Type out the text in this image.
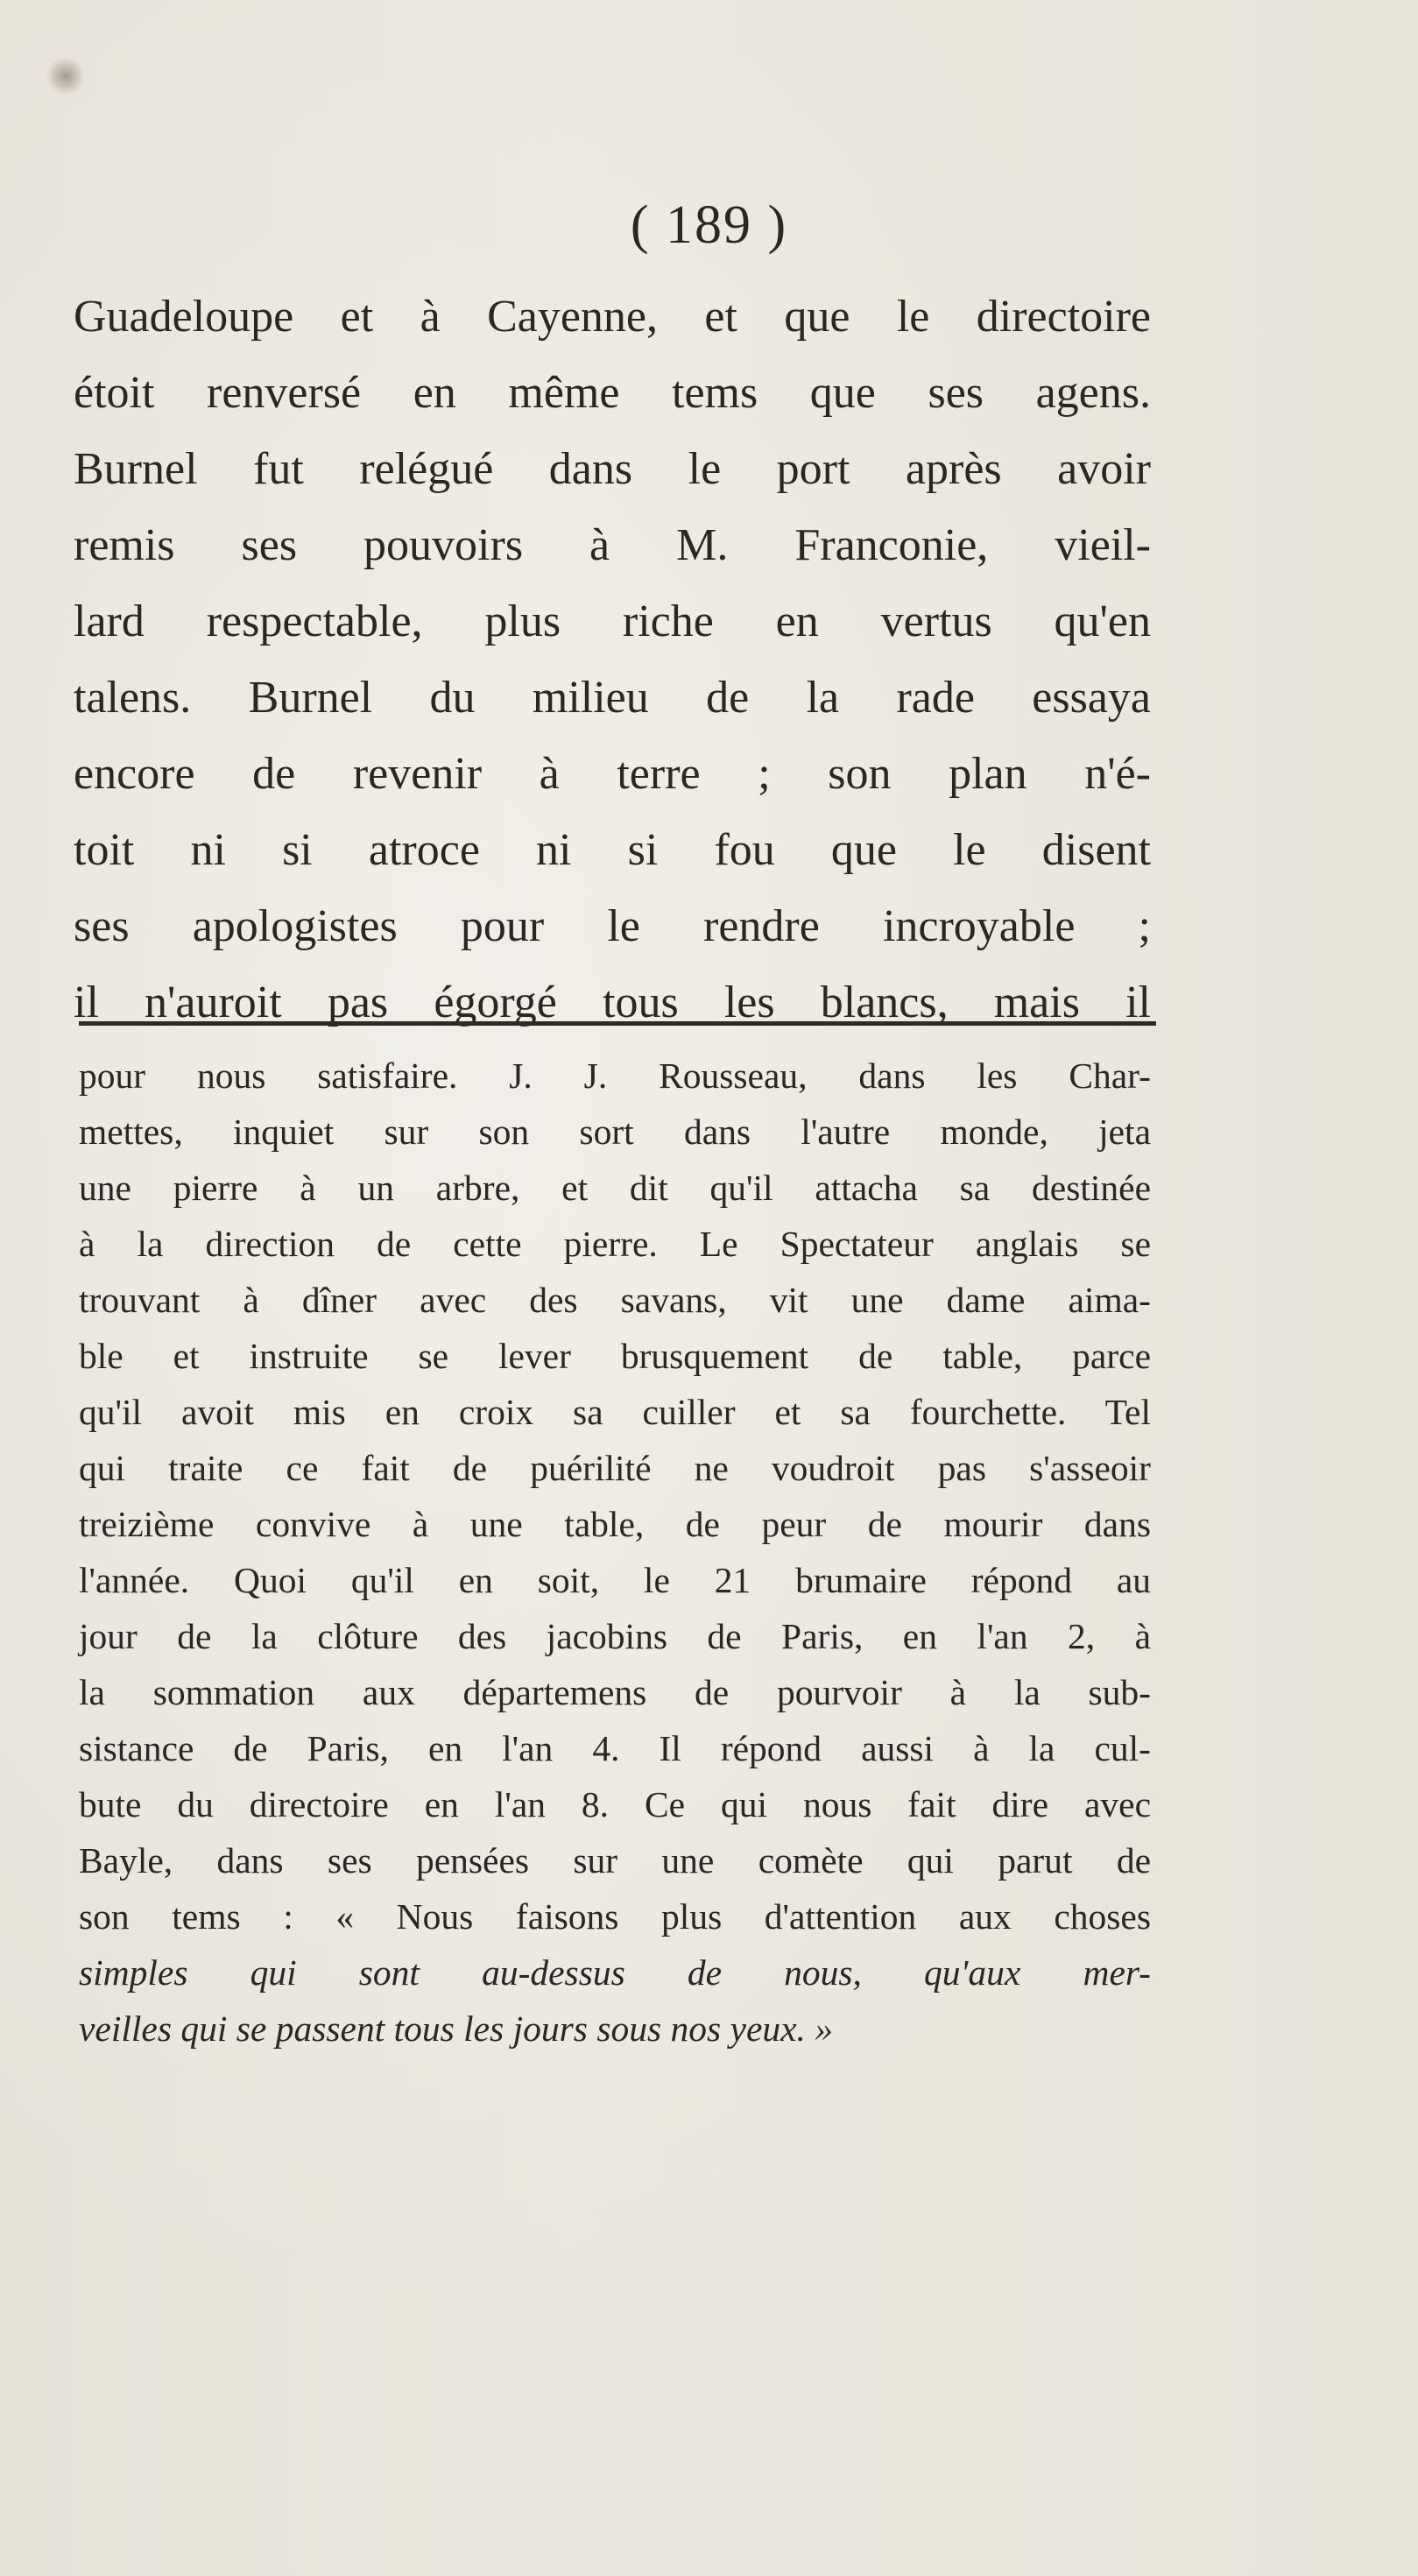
( 189 )
Guadeloupe et à Cayenne, et que le directoire
étoit renversé en même tems que ses agens.
Burnel fut relégué dans le port après avoir
remis ses pouvoirs à M. Franconie, vieil-
lard respectable, plus riche en vertus qu'en
talens. Burnel du milieu de la rade essaya
encore de revenir à terre ; son plan n'é-
toit ni si atroce ni si fou que le disent
ses apologistes pour le rendre incroyable ;
il n'auroit pas égorgé tous les blancs, mais il
pour nous satisfaire. J. J. Rousseau, dans les Char-
mettes, inquiet sur son sort dans l'autre monde, jeta
une pierre à un arbre, et dit qu'il attacha sa destinée
à la direction de cette pierre. Le Spectateur anglais se
trouvant à dîner avec des savans, vit une dame aima-
ble et instruite se lever brusquement de table, parce
qu'il avoit mis en croix sa cuiller et sa fourchette. Tel
qui traite ce fait de puérilité ne voudroit pas s'asseoir
treizième convive à une table, de peur de mourir dans
l'année. Quoi qu'il en soit, le 21 brumaire répond au
jour de la clôture des jacobins de Paris, en l'an 2, à
la sommation aux départemens de pourvoir à la sub-
sistance de Paris, en l'an 4. Il répond aussi à la cul-
bute du directoire en l'an 8. Ce qui nous fait dire avec
Bayle, dans ses pensées sur une comète qui parut de
son tems : « Nous faisons plus d'attention aux choses
simples qui sont au-dessus de nous, qu'aux mer-
veilles qui se passent tous les jours sous nos yeux. »
